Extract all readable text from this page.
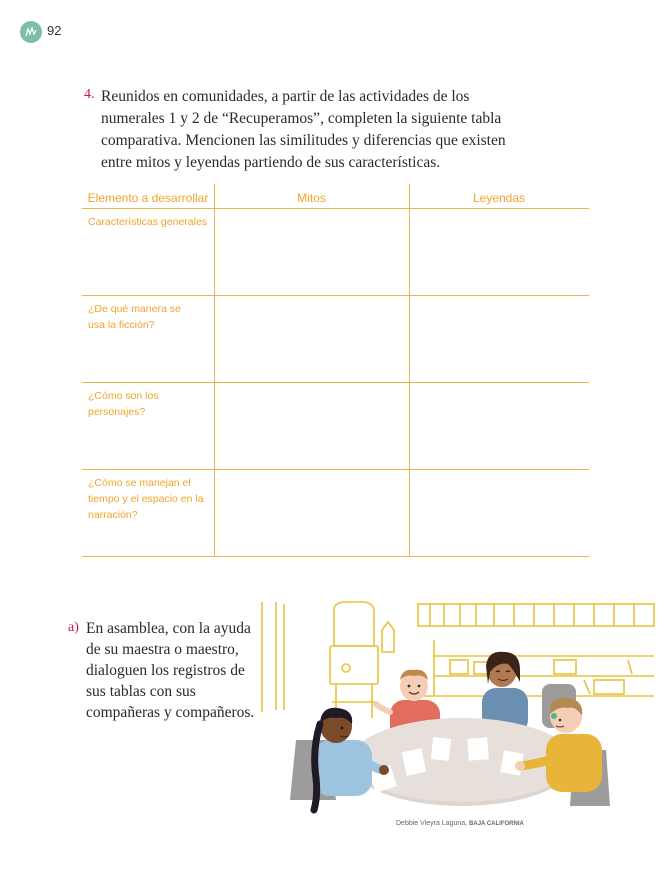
92
4. Reunidos en comunidades, a partir de las actividades de los numerales 1 y 2 de “Recuperamos”, completen la siguiente tabla comparativa. Mencionen las similitudes y diferencias que existen entre mitos y leyendas partiendo de sus características.

Elemento a desarrollar	Mitos	Leyendas
Características generales
¿De qué manera se usa la ficción?
¿Cómo son los personajes?
¿Cómo se manejan el tiempo y el espacio en la narración?
a) En asamblea, con la ayuda de su maestra o maestro, dialoguen los registros de sus tablas con sus compañeras y compañeros.

Debbie Vieyra Laguna, BAJA CALIFORNIA
